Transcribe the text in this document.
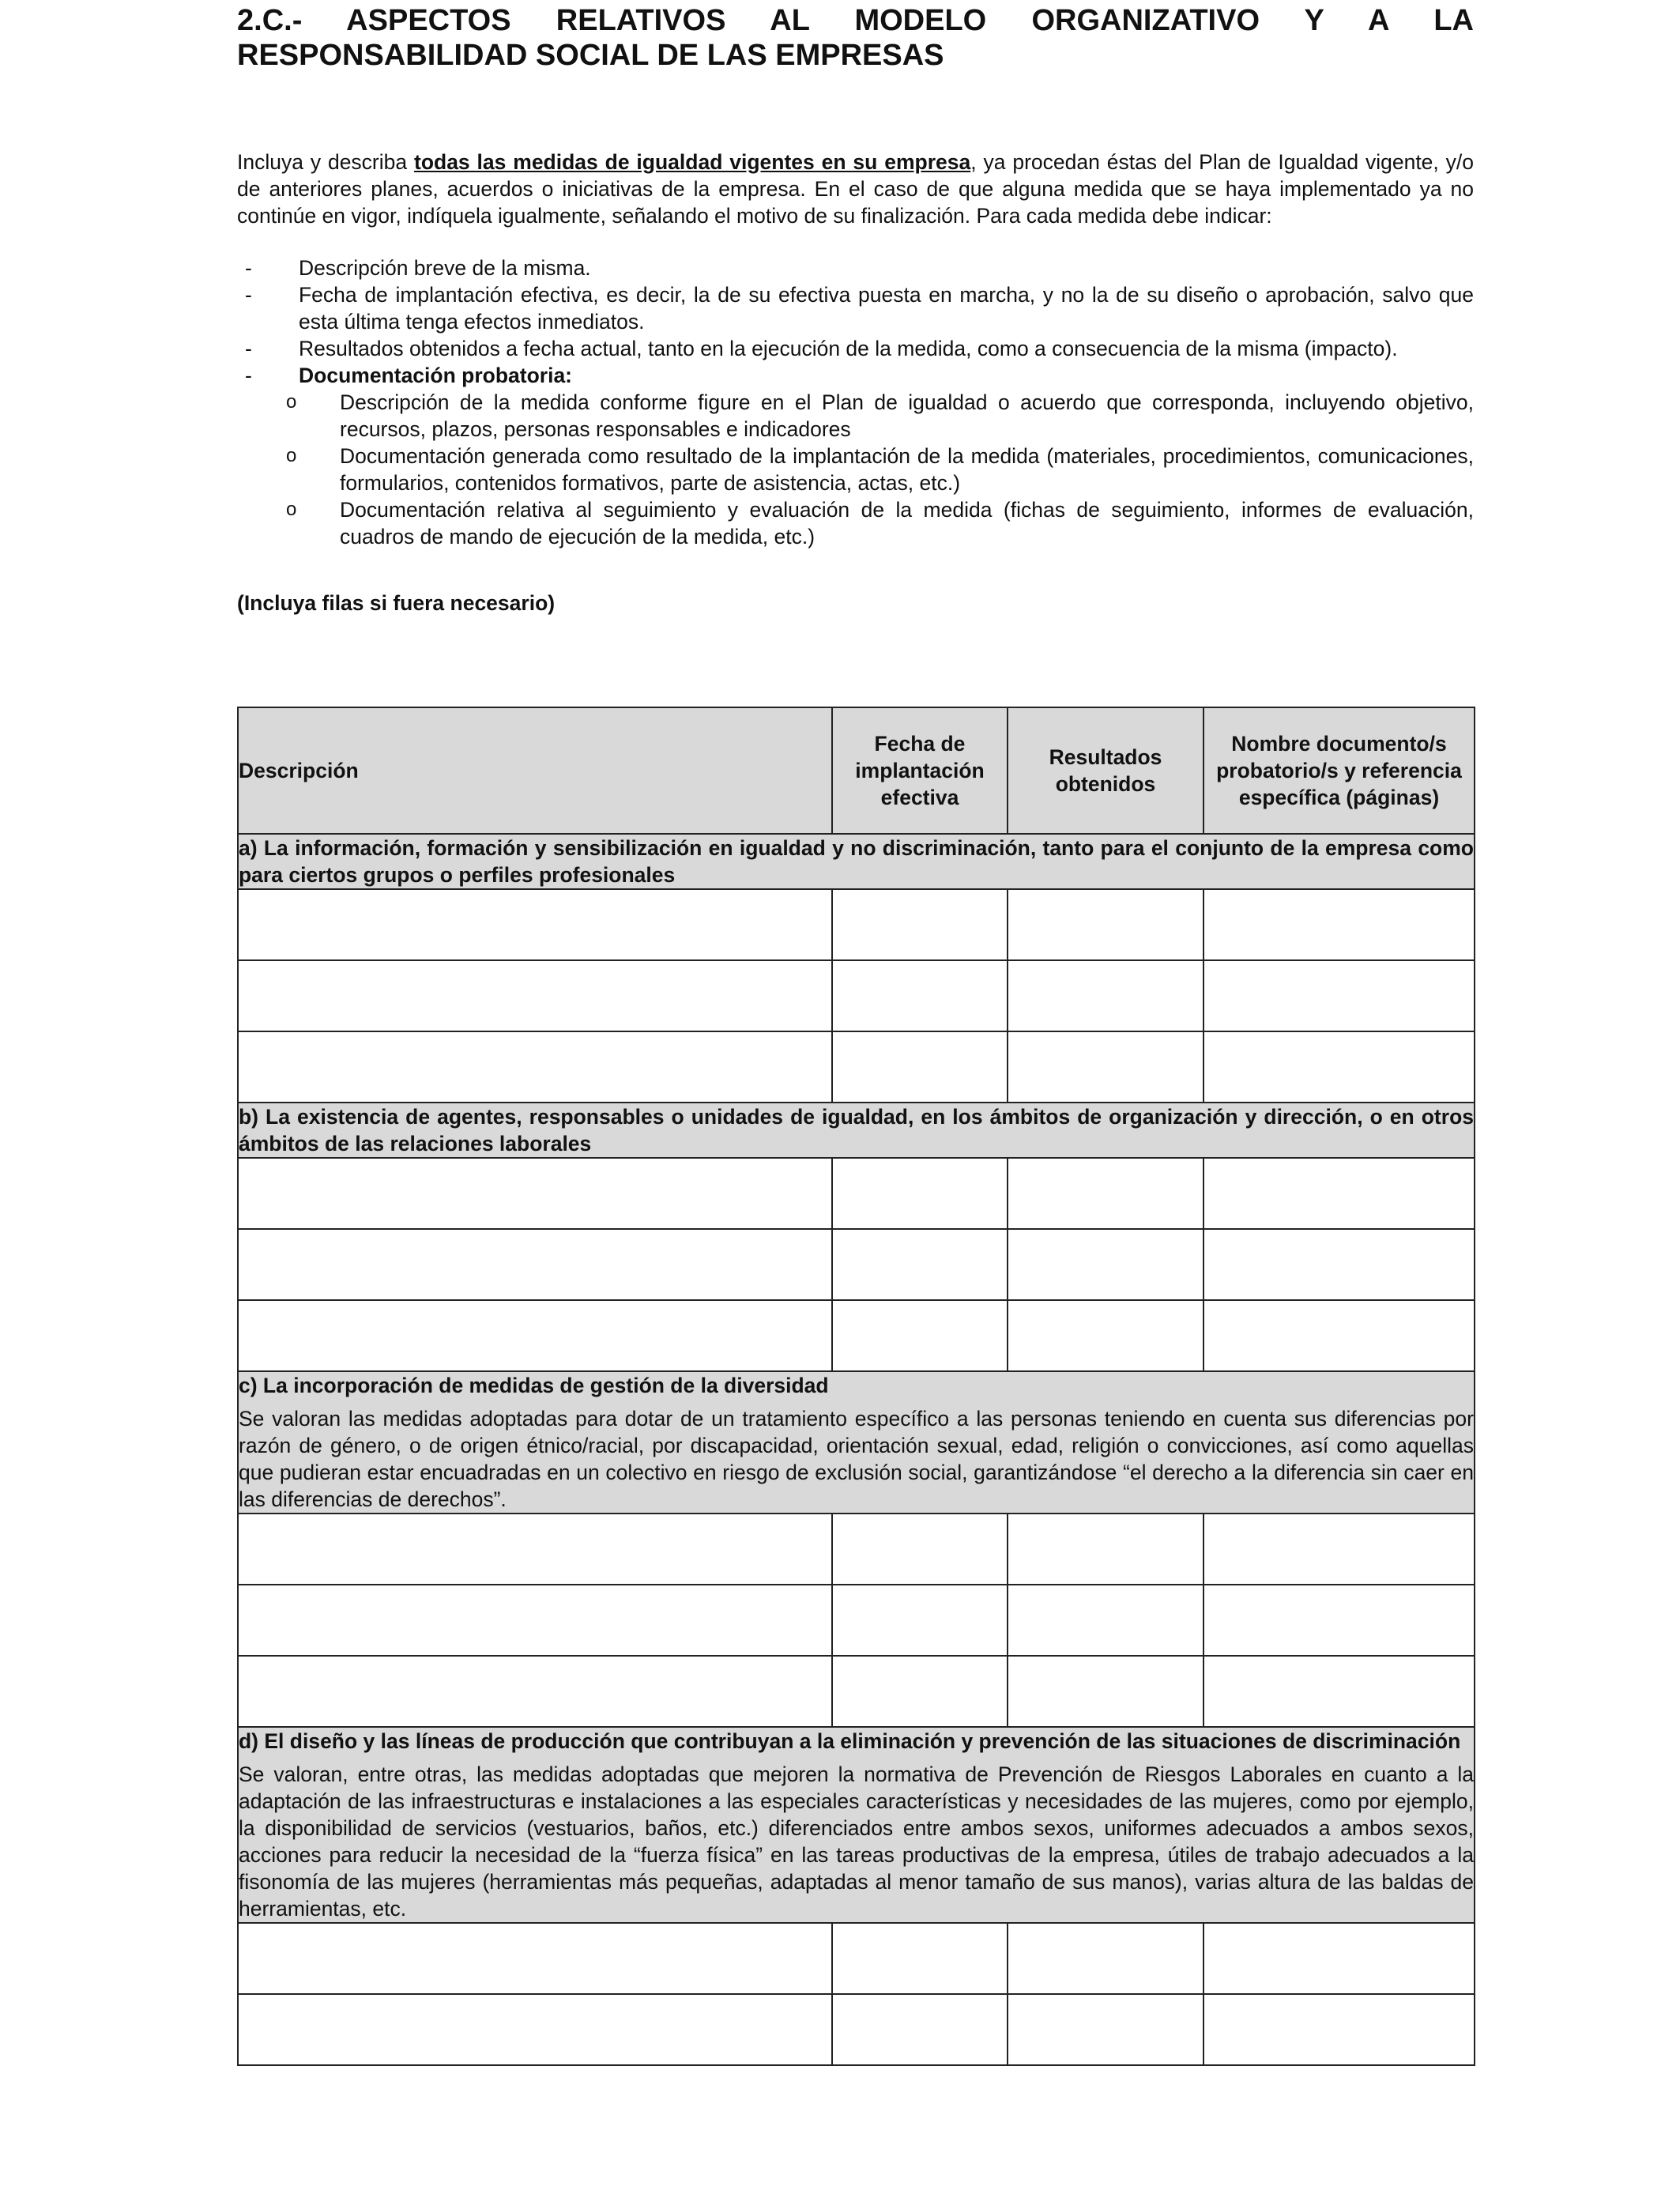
2.C.- ASPECTOS RELATIVOS AL MODELO ORGANIZATIVO Y A LA
RESPONSABILIDAD SOCIAL DE LAS EMPRESAS

Incluya y describa todas las medidas de igualdad vigentes en su empresa, ya procedan éstas del Plan de Igualdad vigente, y/o de anteriores planes, acuerdos o iniciativas de la empresa. En el caso de que alguna medida que se haya implementado ya no continúe en vigor, indíquela igualmente, señalando el motivo de su finalización. Para cada medida debe indicar:

-	Descripción breve de la misma.
-	Fecha de implantación efectiva, es decir, la de su efectiva puesta en marcha, y no la de su diseño o aprobación, salvo que esta última tenga efectos inmediatos.
-	Resultados obtenidos a fecha actual, tanto en la ejecución de la medida, como a consecuencia de la misma (impacto).
-	Documentación probatoria:
o	Descripción de la medida conforme figure en el Plan de igualdad o acuerdo que corresponda, incluyendo objetivo, recursos, plazos, personas responsables e indicadores
o	Documentación generada como resultado de la implantación de la medida (materiales, procedimientos, comunicaciones, formularios, contenidos formativos, parte de asistencia, actas, etc.)
o	Documentación relativa al seguimiento y evaluación de la medida (fichas de seguimiento, informes de evaluación, cuadros de mando de ejecución de la medida, etc.)

(Incluya filas si fuera necesario)

Descripción	Fecha de implantación efectiva	Resultados obtenidos	Nombre documento/s probatorio/s y referencia específica (páginas)

a) La información, formación y sensibilización en igualdad y no discriminación, tanto para el conjunto de la empresa como para ciertos grupos o perfiles profesionales			

b) La existencia de agentes, responsables o unidades de igualdad, en los ámbitos de organización y dirección, o en otros ámbitos de las relaciones laborales			

c) La incorporación de medidas de gestión de la diversidad
Se valoran las medidas adoptadas para dotar de un tratamiento específico a las personas teniendo en cuenta sus diferencias por razón de género, o de origen étnico/racial, por discapacidad, orientación sexual, edad, religión o convicciones, así como aquellas que pudieran estar encuadradas en un colectivo en riesgo de exclusión social, garantizándose “el derecho a la diferencia sin caer en las diferencias de derechos”.			

d) El diseño y las líneas de producción que contribuyan a la eliminación y prevención de las situaciones de discriminación
Se valoran, entre otras, las medidas adoptadas que mejoren la normativa de Prevención de Riesgos Laborales en cuanto a la adaptación de las infraestructuras e instalaciones a las especiales características y necesidades de las mujeres, como por ejemplo, la disponibilidad de servicios (vestuarios, baños, etc.) diferenciados entre ambos sexos, uniformes adecuados a ambos sexos, acciones para reducir la necesidad de la “fuerza física” en las tareas productivas de la empresa, útiles de trabajo adecuados a la fisonomía de las mujeres (herramientas más pequeñas, adaptadas al menor tamaño de sus manos), varias altura de las baldas de herramientas, etc.			
